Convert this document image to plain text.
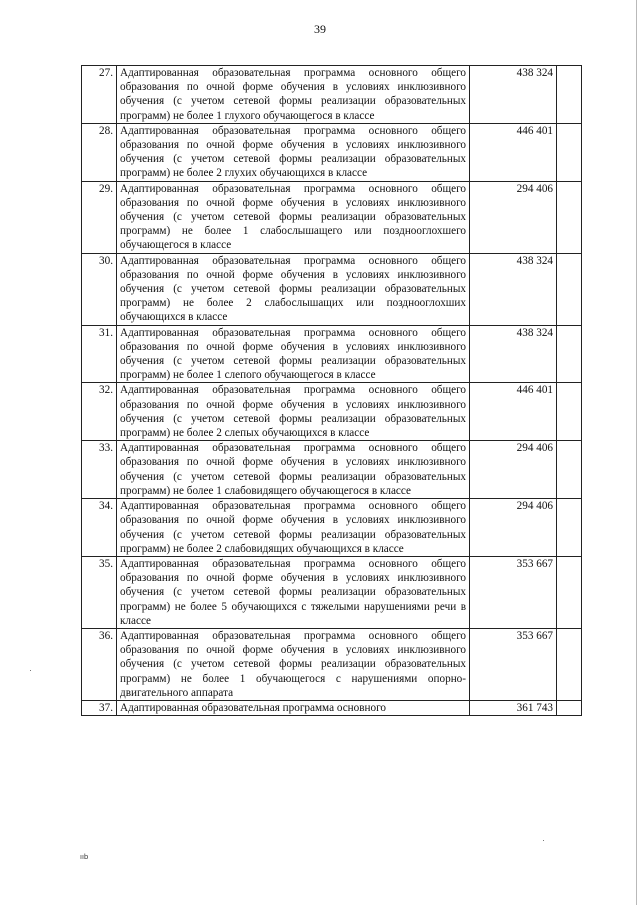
39
27.	Адаптированная образовательная программа основного общего образования по очной форме обучения в условиях инклюзивного обучения (с учетом сетевой формы реализации образовательных программ) не более 1 глухого обучающегося в классе	438 324	
28.	Адаптированная образовательная программа основного общего образования по очной форме обучения в условиях инклюзивного обучения (с учетом сетевой формы реализации образовательных программ) не более 2 глухих обучающихся в классе	446 401	
29.	Адаптированная образовательная программа основного общего образования по очной форме обучения в условиях инклюзивного обучения (с учетом сетевой формы реализации образовательных программ) не более 1 слабослышащего или позднооглохшего обучающегося в классе	294 406	
30.	Адаптированная образовательная программа основного общего образования по очной форме обучения в условиях инклюзивного обучения (с учетом сетевой формы реализации образовательных программ) не более 2 слабослышащих или позднооглохших обучающихся в классе	438 324	
31.	Адаптированная образовательная программа основного общего образования по очной форме обучения в условиях инклюзивного обучения (с учетом сетевой формы реализации образовательных программ) не более 1 слепого обучающегося в классе	438 324	
32.	Адаптированная образовательная программа основного общего образования по очной форме обучения в условиях инклюзивного обучения (с учетом сетевой формы реализации образовательных программ) не более 2 слепых обучающихся в классе	446 401	
33.	Адаптированная образовательная программа основного общего образования по очной форме обучения в условиях инклюзивного обучения (с учетом сетевой формы реализации образовательных программ) не более 1 слабовидящего обучающегося в классе	294 406	
34.	Адаптированная образовательная программа основного общего образования по очной форме обучения в условиях инклюзивного обучения (с учетом сетевой формы реализации образовательных программ) не более 2 слабовидящих обучающихся в классе	294 406	
35.	Адаптированная образовательная программа основного общего образования по очной форме обучения в условиях инклюзивного обучения (с учетом сетевой формы реализации образовательных программ) не более 5 обучающихся с тяжелыми нарушениями речи в классе	353 667	
36.	Адаптированная образовательная программа основного общего образования по очной форме обучения в условиях инклюзивного обучения (с учетом сетевой формы реализации образовательных программ) не более 1 обучающегося с нарушениями опорно-двигательного аппарата	353 667	
37.	Адаптированная образовательная программа основного	361 743	
ııb
